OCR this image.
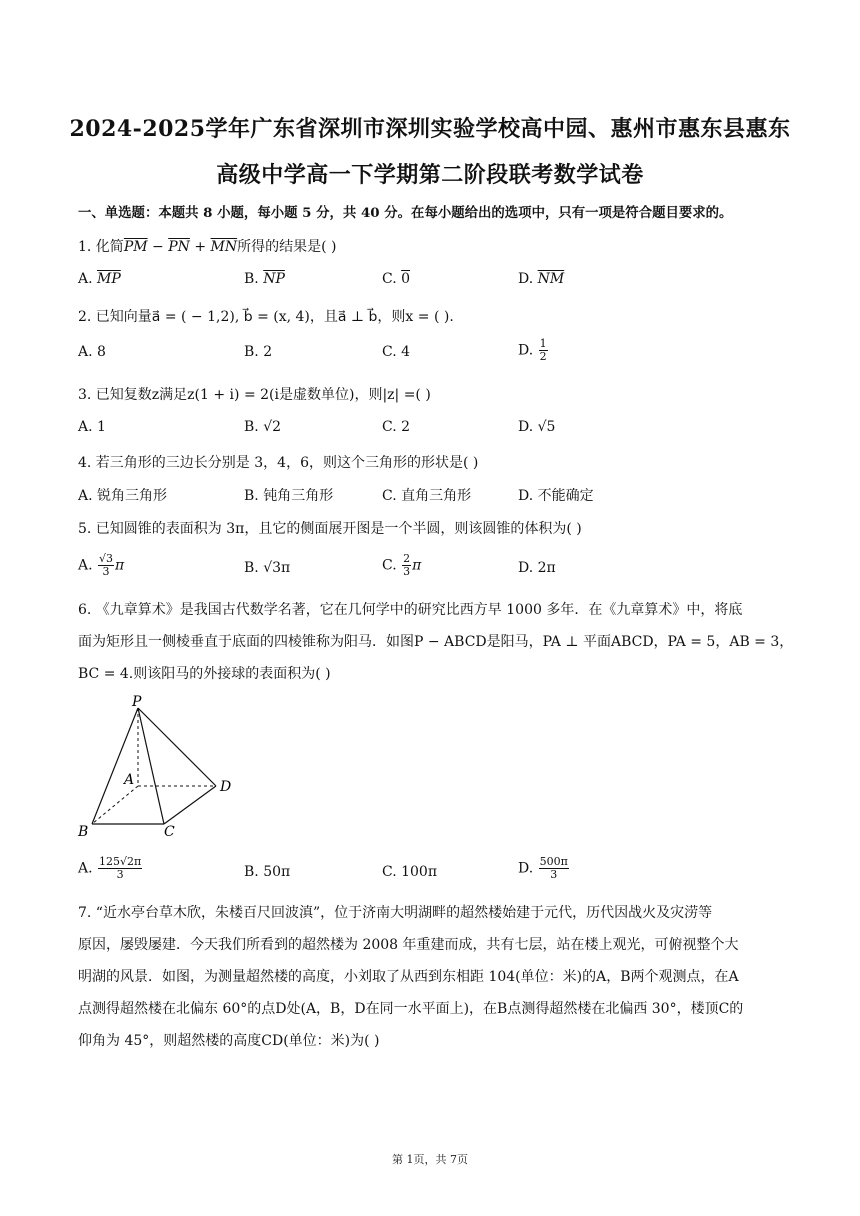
2024-2025学年广东省深圳市深圳实验学校高中园、惠州市惠东县惠东
高级中学高一下学期第二阶段联考数学试卷
一、单选题：本题共 8 小题，每小题 5 分，共 40 分。在每小题给出的选项中，只有一项是符合题目要求的。
1. 化简$\overline{PM} - \overline{PN} + \overline{MN}$所得的结果是( )
A. $\overline{MP}$	B. $\overline{NP}$	C. 0	D. $\overline{NM}$
2. 已知向量a⃗ = ( − 1,2), b⃗ = (x, 4)，且a⃗ ⊥ b⃗，则x = ( ).
A. 8	B. 2	C. 4	D. $\frac{1}{2}$
3. 已知复数z满足z(1 + i) = 2(i是虚数单位)，则|z| =( )
A. 1	B. √2	C. 2	D. √5
4. 若三角形的三边长分别是 3，4，6，则这个三角形的形状是( )
A. 锐角三角形	B. 钝角三角形	C. 直角三角形	D. 不能确定
5. 已知圆锥的表面积为 3π，且它的侧面展开图是一个半圆，则该圆锥的体积为( )
A. $\frac{√3}{3}$ π	B. √3π	C. $\frac{2}{3}$ π	D. 2π
6. 《九章算术》是我国古代数学名著，它在几何学中的研究比西方早 1000 多年．在《九章算术》中，将底
面为矩形且一侧棱垂直于底面的四棱锥称为阳马．如图P − ABCD是阳马，PA ⊥ 平面ABCD，PA = 5，AB = 3，
BC = 4.则该阳马的外接球的表面积为( )
P
A
B	C
D
A. $\frac{125√2\pi}{3}$	B. 50π	C. 100π	D. $\frac{500\pi}{3}$
7. “近水亭台草木欣，朱楼百尺回波滇”，位于济南大明湖畔的超然楼始建于元代，历代因战火及灾涝等
原因，屡毁屡建．今天我们所看到的超然楼为 2008 年重建而成，共有七层，站在楼上观光，可俯视整个大
明湖的风景．如图，为测量超然楼的高度，小刘取了从西到东相距 104(单位：米)的A，B两个观测点，在A
点测得超然楼在北偏东 60°的点D处(A，B，D在同一水平面上)，在B点测得超然楼在北偏西 30°，楼顶C的
仰角为 45°，则超然楼的高度CD(单位：米)为( )
第 1页，共 7页
